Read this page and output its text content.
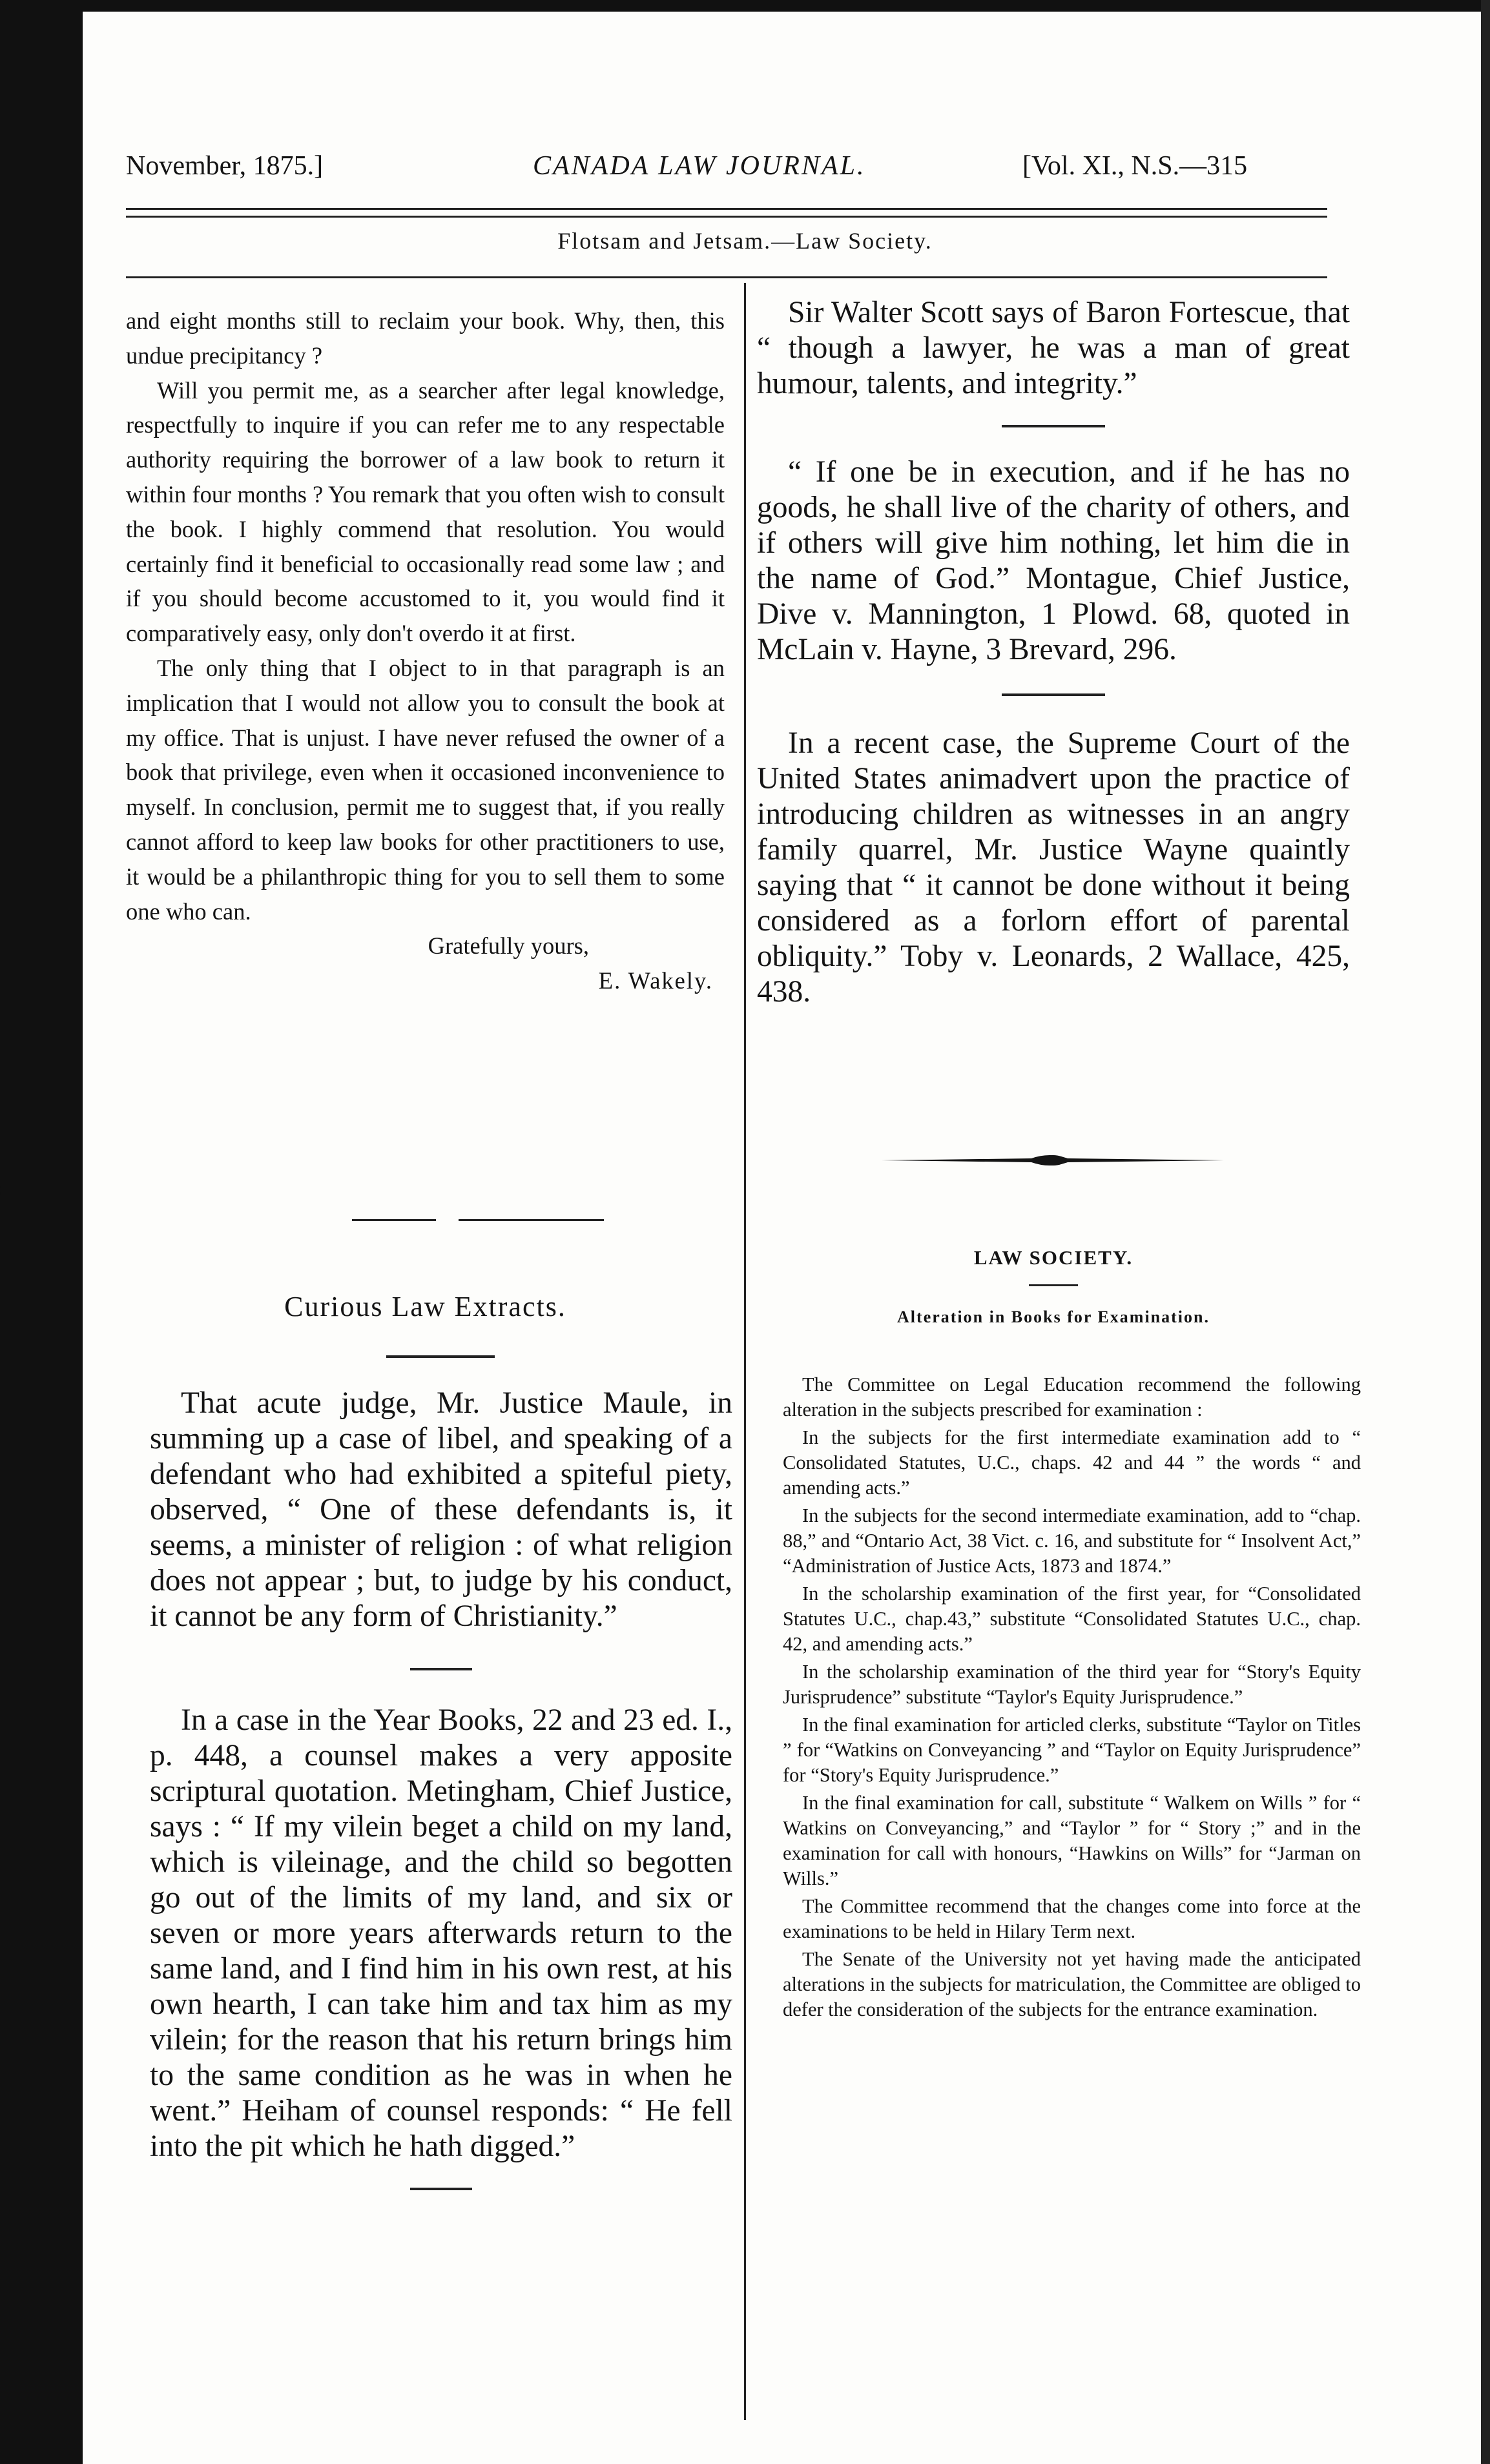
November, 1875.]	CANADA LAW JOURNAL.	[Vol. XI., N.S.—315
Flotsam and Jetsam.—Law Society.

and eight months still to reclaim your book. Why, then, this undue precipitancy ?

Will you permit me, as a searcher after legal knowledge, respectfully to inquire if you can refer me to any respectable authority requiring the borrower of a law book to return it within four months ? You remark that you often wish to consult the book. I highly commend that resolution. You would certainly find it beneficial to occasionally read some law ; and if you should become accustomed to it, you would find it comparatively easy, only don't overdo it at first.

The only thing that I object to in that paragraph is an implication that I would not allow you to consult the book at my office. That is unjust. I have never refused the owner of a book that privilege, even when it occasioned inconvenience to myself. In conclusion, permit me to suggest that, if you really cannot afford to keep law books for other practitioners to use, it would be a philanthropic thing for you to sell them to some one who can.

Gratefully yours,

E. Wakely.

Curious Law Extracts.

That acute judge, Mr. Justice Maule, in summing up a case of libel, and speaking of a defendant who had exhibited a spiteful piety, observed, “ One of these defendants is, it seems, a minister of religion : of what religion does not appear ; but, to judge by his conduct, it cannot be any form of Christianity.”

In a case in the Year Books, 22 and 23 ed. I., p. 448, a counsel makes a very apposite scriptural quotation. Metingham, Chief Justice, says : “ If my vilein beget a child on my land, which is vileinage, and the child so begotten go out of the limits of my land, and six or seven or more years afterwards return to the same land, and I find him in his own rest, at his own hearth, I can take him and tax him as my vilein; for the reason that his return brings him to the same condition as he was in when he went.” Heiham of counsel responds: “ He fell into the pit which he hath digged.”

Sir Walter Scott says of Baron Fortescue, that “ though a lawyer, he was a man of great humour, talents, and integrity.”

“ If one be in execution, and if he has no goods, he shall live of the charity of others, and if others will give him nothing, let him die in the name of God.” Montague, Chief Justice, Dive v. Mannington, 1 Plowd. 68, quoted in McLain v. Hayne, 3 Brevard, 296.

In a recent case, the Supreme Court of the United States animadvert upon the practice of introducing children as witnesses in an angry family quarrel, Mr. Justice Wayne quaintly saying that “ it cannot be done without it being considered as a forlorn effort of parental obliquity.” Toby v. Leonards, 2 Wallace, 425, 438.

LAW SOCIETY.
Alteration in Books for Examination.

The Committee on Legal Education recommend the following alteration in the subjects prescribed for examination :

In the subjects for the first intermediate examination add to “ Consolidated Statutes, U.C., chaps. 42 and 44 ” the words “ and amending acts.”

In the subjects for the second intermediate examination, add to “chap. 88,” and “Ontario Act, 38 Vict. c. 16, and substitute for “ Insolvent Act,” “Administration of Justice Acts, 1873 and 1874.”

In the scholarship examination of the first year, for “Consolidated Statutes U.C., chap.43,” substitute “Consolidated Statutes U.C., chap. 42, and amending acts.”

In the scholarship examination of the third year for “Story's Equity Jurisprudence” substitute “Taylor's Equity Jurisprudence.”

In the final examination for articled clerks, substitute “Taylor on Titles ” for “Watkins on Conveyancing ” and “Taylor on Equity Jurisprudence” for “Story's Equity Jurisprudence.”

In the final examination for call, substitute “ Walkem on Wills ” for “ Watkins on Conveyancing,” and “Taylor ” for “ Story ;” and in the examination for call with honours, “Hawkins on Wills” for “Jarman on Wills.”

The Committee recommend that the changes come into force at the examinations to be held in Hilary Term next.

The Senate of the University not yet having made the anticipated alterations in the subjects for matriculation, the Committee are obliged to defer the consideration of the subjects for the entrance examination.
